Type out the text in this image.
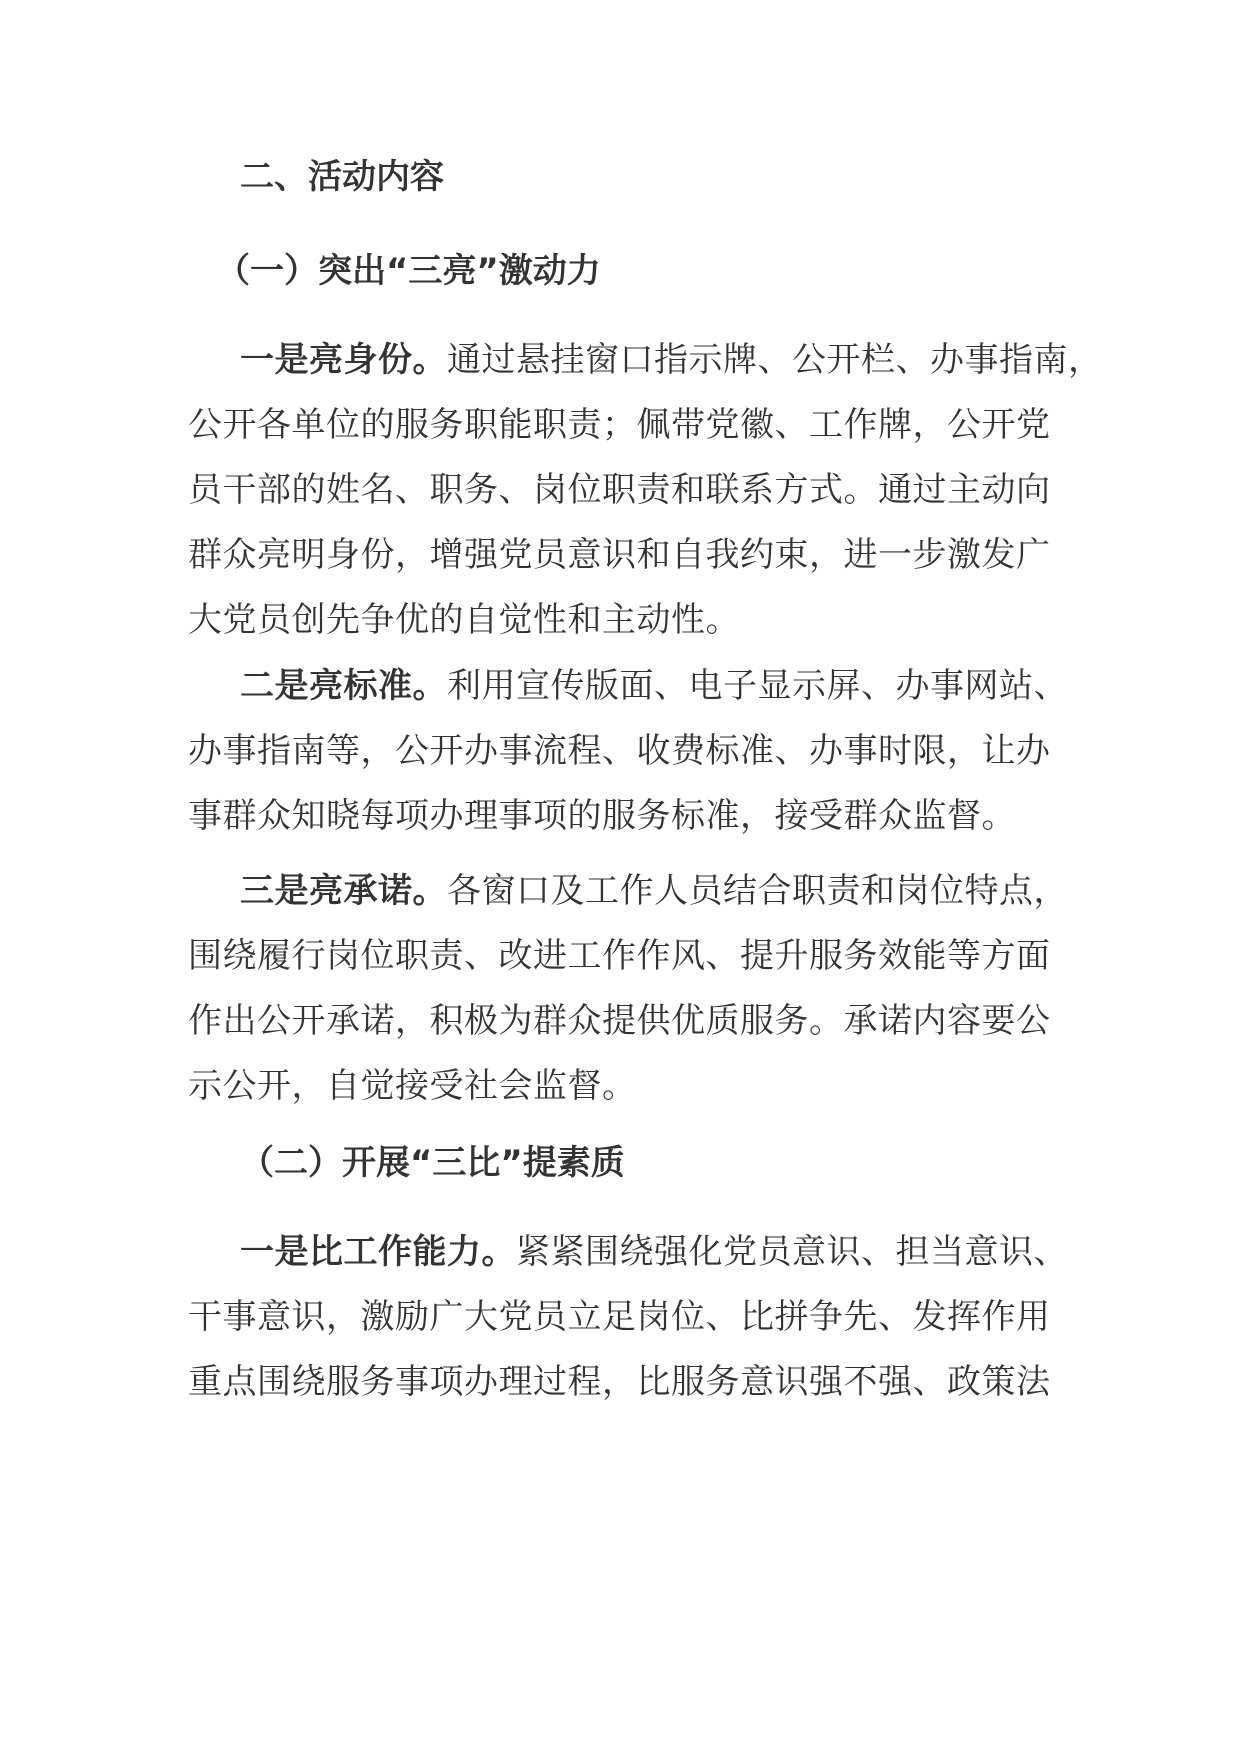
二、活动内容
（一）突出“三亮”激动力
一是亮身份。通过悬挂窗口指示牌、公开栏、办事指南，
公开各单位的服务职能职责；佩带党徽、工作牌，公开党
员干部的姓名、职务、岗位职责和联系方式。通过主动向
群众亮明身份，增强党员意识和自我约束，进一步激发广
大党员创先争优的自觉性和主动性。
二是亮标准。利用宣传版面、电子显示屏、办事网站、
办事指南等，公开办事流程、收费标准、办事时限，让办
事群众知晓每项办理事项的服务标准，接受群众监督。
三是亮承诺。各窗口及工作人员结合职责和岗位特点，
围绕履行岗位职责、改进工作作风、提升服务效能等方面
作出公开承诺，积极为群众提供优质服务。承诺内容要公
示公开，自觉接受社会监督。
（二）开展“三比”提素质
一是比工作能力。紧紧围绕强化党员意识、担当意识、
干事意识，激励广大党员立足岗位、比拼争先、发挥作用
重点围绕服务事项办理过程，比服务意识强不强、政策法
